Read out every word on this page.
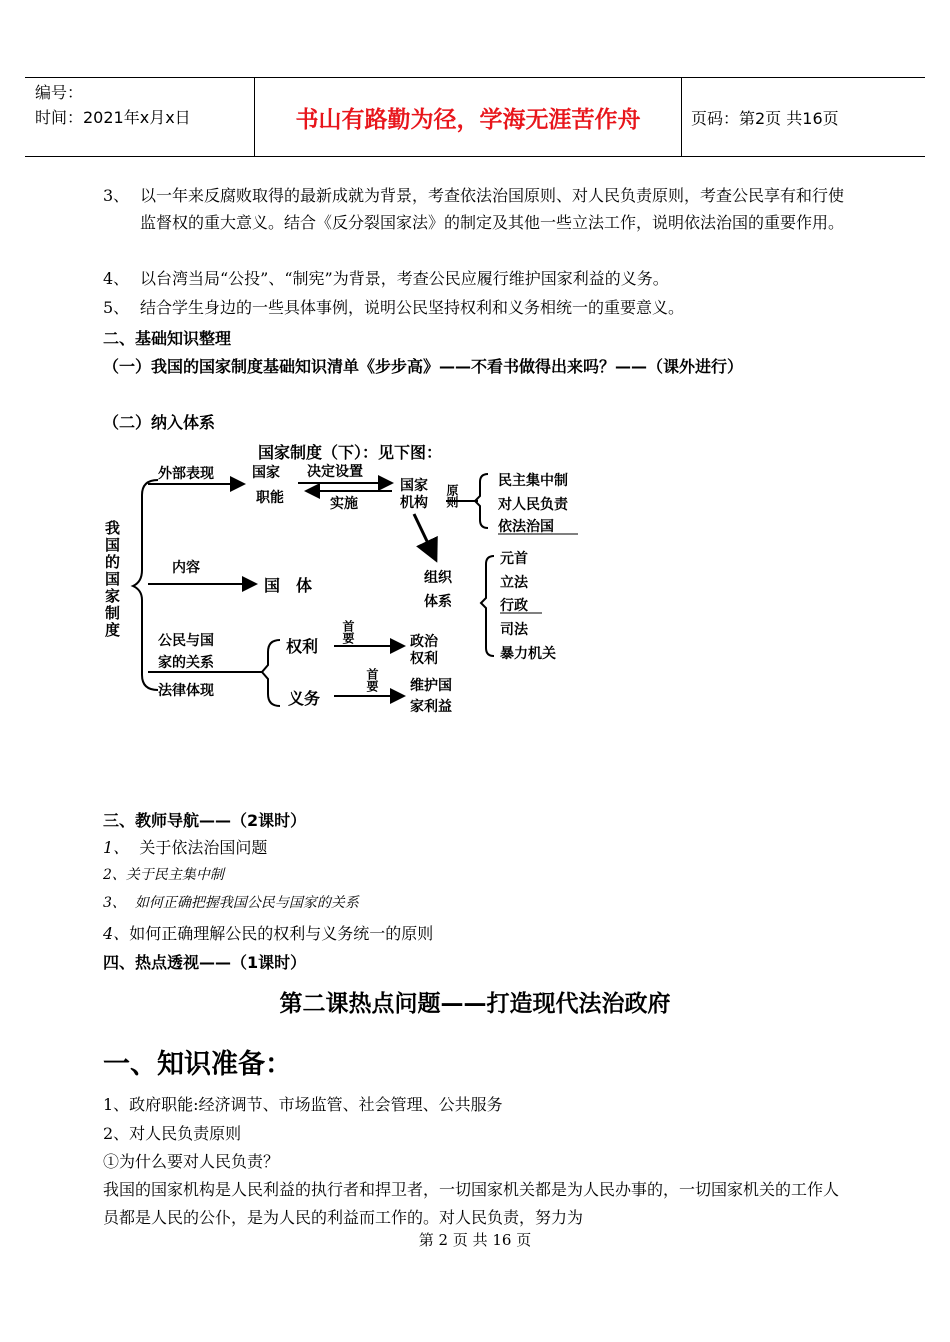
编号：
时间：2021年x月x日	书山有路勤为径，学海无涯苦作舟	页码：第2页 共16页
3、 以一年来反腐败取得的最新成就为背景，考查依法治国原则、对人民负责原则，考查公民享有和行使监督权的重大意义。结合《反分裂国家法》的制定及其他一些立法工作，说明依法治国的重要作用。
4、 以台湾当局“公投”、“制宪”为背景，考查公民应履行维护国家利益的义务。
5、 结合学生身边的一些具体事例，说明公民坚持权利和义务相统一的重要意义。
二、基础知识整理
（一）我国的国家制度基础知识清单《步步高》——不看书做得出来吗？——（课外进行）
（二）纳入体系
国家制度（下）：见下图：
我国的国家制度
外部表现	国家
职能
决定设置
实施
国家
机构 原则
民主集中制
对人民负责
依法治国
组织
体系
元首
立法
行政
司法
暴力机关
内容
国　体
公民与国
家的关系
法律体现
权利
义务
首要
首要
政治
权利
维护国
家利益
三、教师导航——（2课时）
1、 关于依法治国问题
2、关于民主集中制
3、 如何正确把握我国公民与国家的关系
4、如何正确理解公民的权利与义务统一的原则
四、热点透视——（1课时）
第二课热点问题——打造现代法治政府
一、知识准备：
1、政府职能:经济调节、市场监管、社会管理、公共服务
2、对人民负责原则
①为什么要对人民负责？
我国的国家机构是人民利益的执行者和捍卫者，一切国家机关都是为人民办事的，一切国家机关的工作人员都是人民的公仆，是为人民的利益而工作的。对人民负责，努力为
第 2 页 共 16 页
